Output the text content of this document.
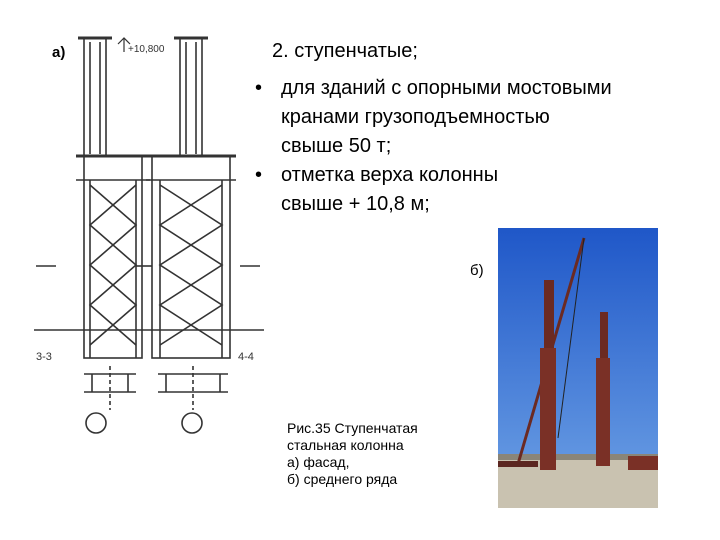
+10,800
3-3	4-4
а)	2. ступенчатые;
• для зданий с опорными мостовыми
кранами грузоподъемностью
свыше 50 т;
• отметка верха колонны
свыше + 10,8 м;
б)
Рис.35 Ступенчатая
стальная колонна
а) фасад,
б) среднего ряда
